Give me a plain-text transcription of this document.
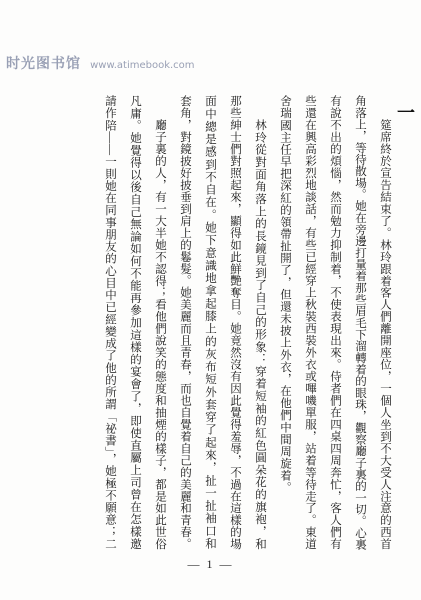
时光图书馆 www.atimebook.com
一
筵席終於宣告結束了。林玲跟着客人們離開座位，一個人坐到不大受人注意的西首
角落上，等待散場。她在旁邊打量着那些眉毛下溜轉着的眼珠，觀察廳子裏的一切。心裏
有說不出的煩惱，然而勉力抑制着，不使表現出來。侍者們在四桌四周奔忙，客人們有
些還在興高彩烈地談話，有些已經穿上秋裝西裝外衣或嗶嘰單服，站着等待走了。東道
舍瑞國主任早把深紅的領帶扯開了，但還未披上外衣，在他們中間周旋着。
林玲從對面角落上的長鏡見到了自己的形象：穿着短袖的紅色圓朵花的旗袍，和
那些紳士們對照起來，顯得如此鮮艷奪目。她竟然沒有因此覺得羞辱，不過在這樣的場
面中總是感到不自在。她下意識地拿起膝上的灰布短外套穿了起來，扯一扯袖口和
套角，對鏡披好披垂到肩上的鬈髮。她美麗而且青春，而也自覺着自己的美麗和青春。
廳子裏的人，有一大半她不認得；看他們說笑的態度和抽煙的樣子，都是如此世俗
凡庸。她覺得以後自己無論如何不能再參加這樣的宴會了，即使直屬上司曾在怎樣邀
請作陪——一則她在同事朋友的心目中已經變成了他的所謂「祕書」，她極不願意；二
— 1 —
